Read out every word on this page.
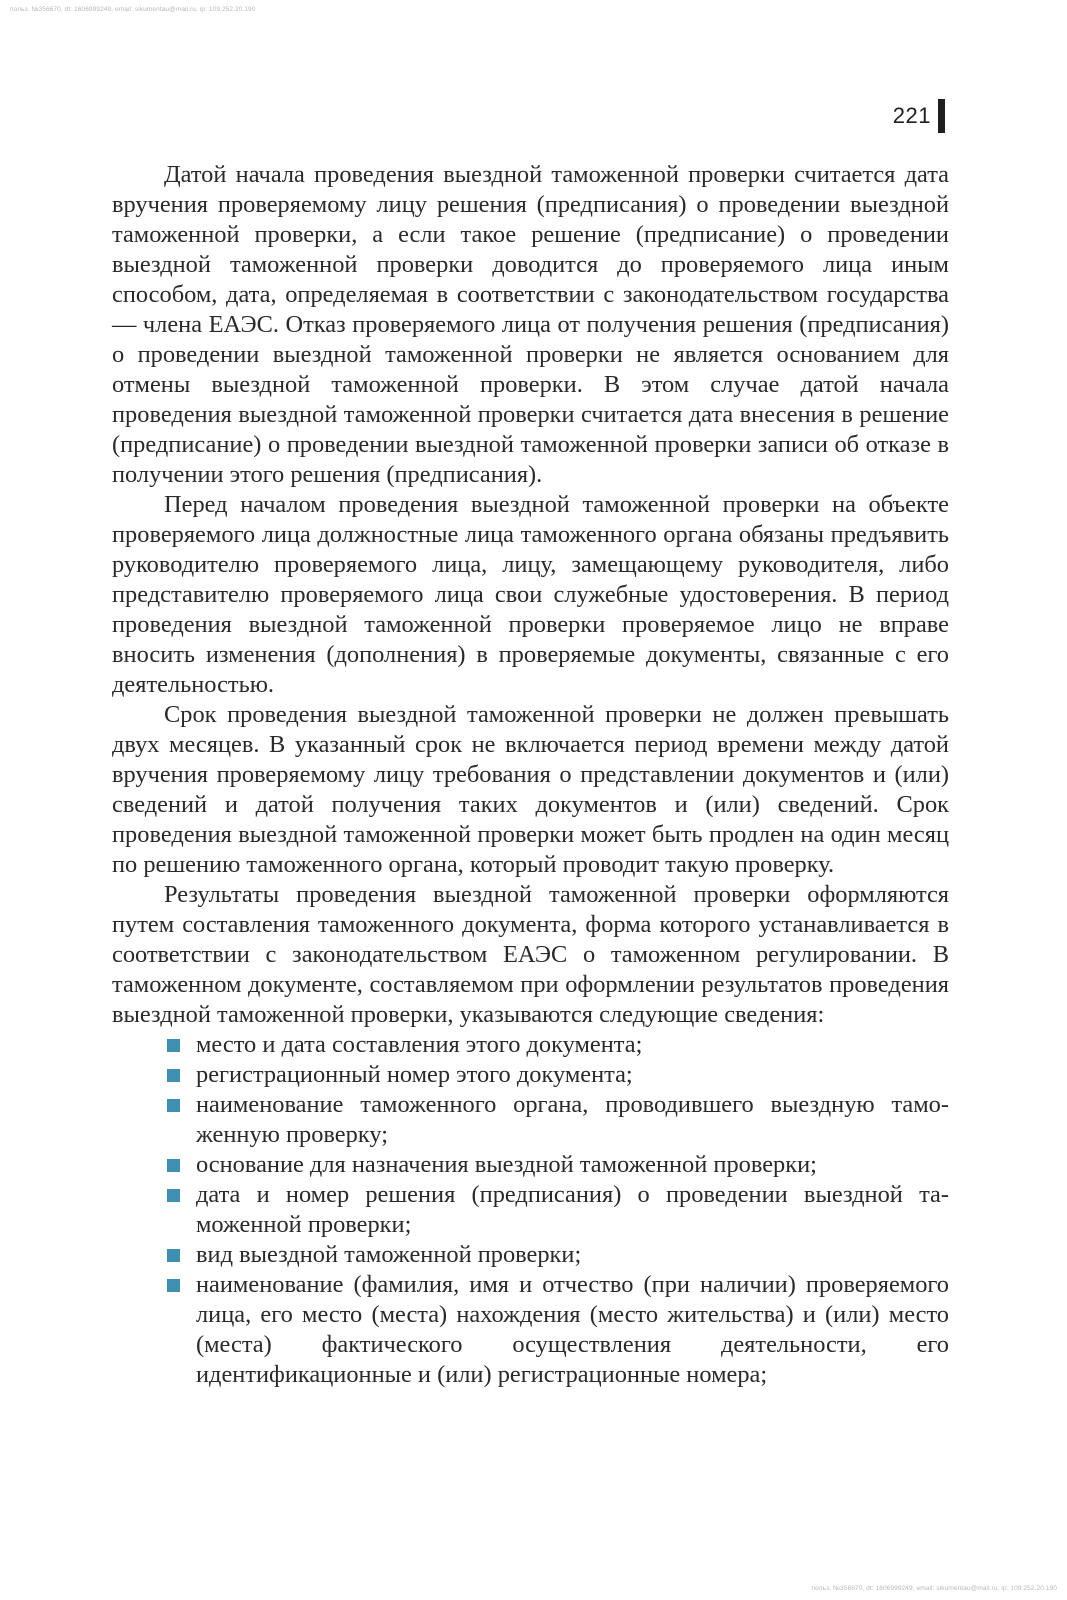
польз. №356670, dt: 1606999249, email: sikumentau@mail.ru, ip: 109.252.20.190
221

Датой начала проведения выездной таможенной проверки считается дата вручения проверяемому лицу решения (предписания) о проведении выездной таможенной проверки, а если такое решение (предписание) о проведении выездной таможенной проверки доводится до проверяемого лица иным способом, дата, определяемая в соответствии с законодательством государства — члена ЕАЭС. Отказ проверяемого лица от получения решения (предписания) о проведении выездной таможенной проверки не является основанием для отмены выездной таможенной проверки. В этом случае датой начала проведения выездной таможенной проверки считается дата внесения в решение (предписание) о проведении выездной таможенной проверки записи об отказе в получении этого решения (предписания).

Перед началом проведения выездной таможенной проверки на объекте проверяемого лица должностные лица таможенного органа обязаны предъявить руководителю проверяемого лица, лицу, замещающему руководителя, либо представителю проверяемого лица свои служебные удостоверения. В период проведения выездной таможенной проверки проверяемое лицо не вправе вносить изменения (дополнения) в проверяемые документы, связанные с его деятельностью.

Срок проведения выездной таможенной проверки не должен превышать двух месяцев. В указанный срок не включается период времени между датой вручения проверяемому лицу требования о представлении документов и (или) сведений и датой получения таких документов и (или) сведений. Срок проведения выездной таможенной проверки может быть продлен на один месяц по решению таможенного органа, который проводит такую проверку.

Результаты проведения выездной таможенной проверки оформляются путем составления таможенного документа, форма которого устанавливается в соответствии с законодательством ЕАЭС о таможенном регулировании. В таможенном документе, составляемом при оформлении результатов проведения выездной таможенной проверки, указываются следующие сведения:

место и дата составления этого документа;
регистрационный номер этого документа;
наименование таможенного органа, проводившего выездную таможенную проверку;
основание для назначения выездной таможенной проверки;
дата и номер решения (предписания) о проведении выездной таможенной проверки;
вид выездной таможенной проверки;
наименование (фамилия, имя и отчество (при наличии) проверяемого лица, его место (места) нахождения (место жительства) и (или) место (места) фактического осуществления деятельности, его идентификационные и (или) регистрационные номера;
польз. №356670, dt: 1606999249, email: sikumentau@mail.ru, ip: 109.252.20.190
